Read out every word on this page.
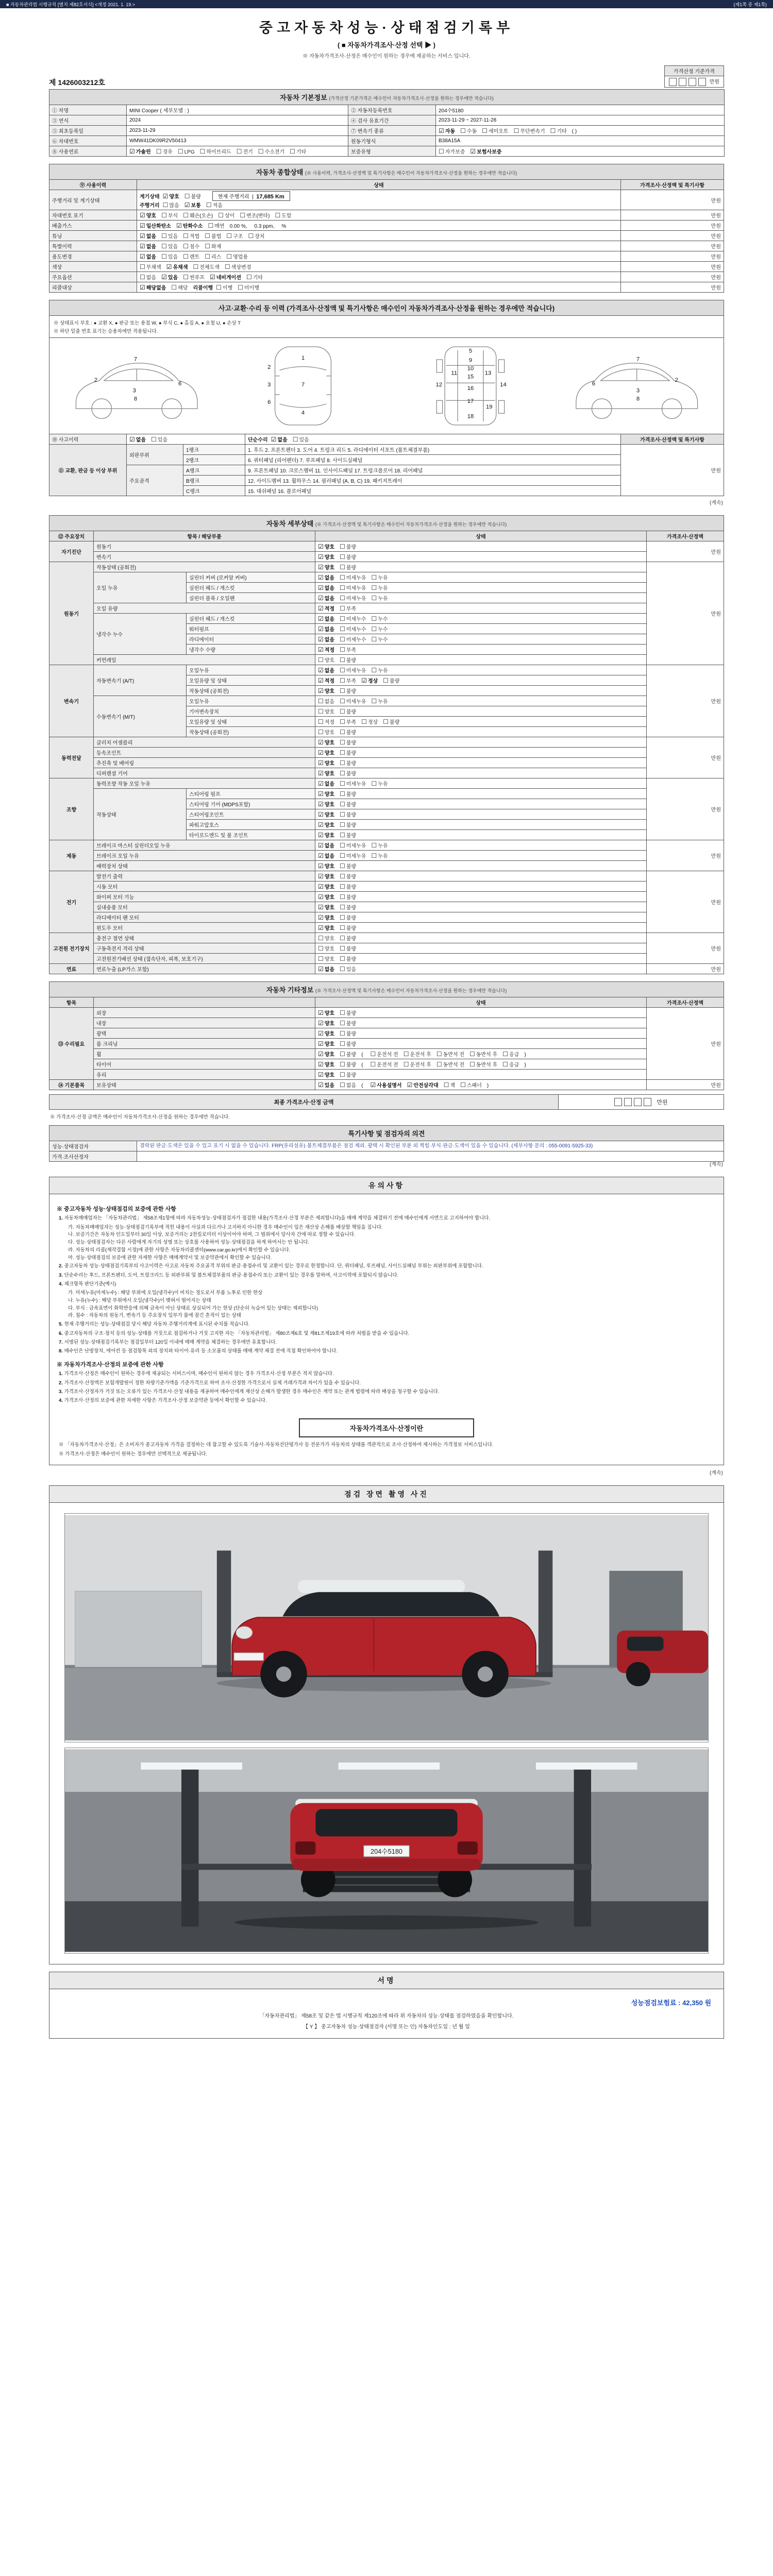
■ 자동차관리법 시행규칙 [별지 제82호서식] <개정 2021. 1. 19.>	(제1쪽 중 제1쪽)
중고자동차성능·상태점검기록부
( ■ 자동차가격조사·산정 선택 ▶ )
※ 자동차가격조사·산정은 매수인이 원하는 경우에 제공하는 서비스 입니다.
제 1426003212호
가격산정 기준가격
만원
자동차 기본정보 (가격산정 기준가격은 매수인이 자동차가격조사·산정을 원하는 경우에만 적습니다)			
① 차명	MINI Cooper ( 세부모델 : )	② 자동차등록번호	204수5180
③ 연식	2024	④ 검사 유효기간	2023-11-29 ~ 2027-11-28
⑤ 최초등록일	2023-11-29	⑦ 변속기 종류	☑ 자동 ☐ 수동 ☐ 세미오토 ☐ 무단변속기 ☐ 기타 ( )
⑥ 차대번호	WMW41DK09R2V50413	원동기형식	B38A15A
⑧ 사용연료	☑ 가솔린 ☐ 경유 ☐ LPG ☐ 하이브리드 ☐ 전기 ☐ 수소전기 ☐ 기타	보증유형	☐ 자가보증 ☑ 보험사보증
자동차 종합상태 (※ 사용이력, 가격조사·산정액 및 특기사항은 매수인이 자동차가격조사·산정을 원하는 경우에만 적습니다)		
⑨ 사용이력	상태	가격조사·산정액 및 특기사항
주행거리 및 계기상태	계기상태 ☑ 양호 ☐ 불량 현재 주행거리  |  17,685 Km
주행거리 ☐ 많음 ☑ 보통 ☐ 적음	만원
차대번호 표기	☑ 양호 ☐ 부식 ☐ 훼손(오손) ☐ 상이 ☐ 변조(변타) ☐ 도말	만원
배출가스	☑ 일산화탄소 ☑ 탄화수소 ☐ 매연 0.00 %, 0.3 ppm, %	만원
튜닝	☑ 없음 ☐ 있음 ☐ 적법 ☐ 불법 ☐ 구조 ☐ 장치	만원
특별이력	☑ 없음 ☐ 있음 ☐ 침수 ☐ 화재	만원
용도변경	☑ 없음 ☐ 있음 ☐ 렌트 ☐ 리스 ☐ 영업용	만원
색상	☐ 무채색 ☑ 유채색 ☐ 전체도색 ☐ 색상변경	만원
주요옵션	☐ 없음 ☑ 있음 ☐ 썬루프 ☑ 네비게이션 ☐ 기타	만원
리콜대상	☑ 해당없음 ☐ 해당 리콜이행 ☐ 이행 ☐ 미이행	만원
사고·교환·수리 등 이력 (가격조사·산정액 및 특기사항은 매수인이 자동차가격조사·산정을 원하는 경우에만 적습니다)
※ 상태표시 부호 : ● 교환 X, ● 판금 또는 용접 W, ● 부식 C, ● 흠집 A, ● 요철 U, ● 손상 T
※ 하단 밑줄 번호 표기는 승용차에만 적용됩니다.
2
3
6
7
8
1
2
3
4
6
7
5
9
10
11
12
13
14
15
16
17
18
19
2
3
6
7
8
⑩ 사고이력	☑ 없음 ☐ 있음		단순수리 ☑ 없음 ☐ 있음	가격조사·산정액 및 특기사항
⑪ 교환, 판금 등 이상 부위	외판부위	1랭크	1. 후드 2. 프론트펜더 3. 도어 4. 트렁크 리드 5. 라디에이터 서포트 (볼트체결부품)	만원
		2랭크	6. 쿼터패널 (리어펜더) 7. 루프패널 8. 사이드실패널	
	주요골격	A랭크	9. 프론트패널 10. 크로스멤버 11. 인사이드패널 17. 트렁크플로어 18. 리어패널	
		B랭크	12. 사이드멤버 13. 휠하우스 14. 필러패널 (A, B, C) 19. 패키지트레이	
		C랭크	15. 대쉬패널 16. 플로어패널	
(계속)
자동차 세부상태 (※ 가격조사·산정액 및 특기사항은 매수인이 자동차가격조사·산정을 원하는 경우에만 적습니다)				
⑫ 주요장치	항목 / 해당부품		상태	가격조사·산정액
자기진단	원동기		☑ 양호 ☐ 불량	만원
	변속기		☑ 양호 ☐ 불량	
원동기	작동상태 (공회전)		☑ 양호 ☐ 불량	만원
	오일 누유	실린더 커버 (로커암 커버)	☑ 없음 ☐ 미세누유 ☐ 누유	
		실린더 헤드 / 개스킷	☑ 없음 ☐ 미세누유 ☐ 누유	
		실린더 블록 / 오일팬	☑ 없음 ☐ 미세누유 ☐ 누유	
	오일 유량		☑ 적정 ☐ 부족	
	냉각수 누수	실린더 헤드 / 개스킷	☑ 없음 ☐ 미세누수 ☐ 누수	
		워터펌프	☑ 없음 ☐ 미세누수 ☐ 누수	
		라디에이터	☑ 없음 ☐ 미세누수 ☐ 누수	
		냉각수 수량	☑ 적정 ☐ 부족	
	커먼레일		☐ 양호 ☐ 불량	
변속기	자동변속기 (A/T)	오일누유	☑ 없음 ☐ 미세누유 ☐ 누유	만원
		오일유량 및 상태	☑ 적정 ☐ 부족 ☑ 정상 ☐ 불량	
		작동상태 (공회전)	☑ 양호 ☐ 불량	
	수동변속기 (M/T)	오일누유	☐ 없음 ☐ 미세누유 ☐ 누유	
		기어변속장치	☐ 양호 ☐ 불량	
		오일유량 및 상태	☐ 적정 ☐ 부족 ☐ 정상 ☐ 불량	
		작동상태 (공회전)	☐ 양호 ☐ 불량	
동력전달	클러치 어셈블리		☑ 양호 ☐ 불량	만원
	등속조인트		☑ 양호 ☐ 불량	
	추진축 및 베어링		☑ 양호 ☐ 불량	
	디퍼렌셜 기어		☑ 양호 ☐ 불량	
조향	동력조향 작동 오일 누유		☑ 없음 ☐ 미세누유 ☐ 누유	만원
	작동상태	스티어링 펌프	☑ 양호 ☐ 불량	
		스티어링 기어 (MDPS포함)	☑ 양호 ☐ 불량	
		스티어링조인트	☑ 양호 ☐ 불량	
		파워고압호스	☑ 양호 ☐ 불량	
		타이로드엔드 및 볼 조인트	☑ 양호 ☐ 불량	
제동	브레이크 마스터 실린더오일 누유		☑ 없음 ☐ 미세누유 ☐ 누유	만원
	브레이크 오일 누유		☑ 없음 ☐ 미세누유 ☐ 누유	
	배력장치 상태		☑ 양호 ☐ 불량	
전기	발전기 출력		☑ 양호 ☐ 불량	만원
	시동 모터		☑ 양호 ☐ 불량	
	와이퍼 모터 기능		☑ 양호 ☐ 불량	
	실내송풍 모터		☑ 양호 ☐ 불량	
	라디에이터 팬 모터		☑ 양호 ☐ 불량	
	윈도우 모터		☑ 양호 ☐ 불량	
고전원 전기장치	충전구 절연 상태		☐ 양호 ☐ 불량	만원
	구동축전지 격리 상태		☐ 양호 ☐ 불량	
	고전원전기배선 상태 (접속단자, 피복, 보호기구)		☐ 양호 ☐ 불량	
연료	연료누출 (LP가스 포함)		☑ 없음 ☐ 있음	만원
자동차 기타정보 (※ 가격조사·산정액 및 특기사항은 매수인이 자동차가격조사·산정을 원하는 경우에만 적습니다)			
항목		상태	가격조사·산정액
⑬ 수리필요	외장	☑ 양호 ☐ 불량	만원
	내장	☑ 양호 ☐ 불량	
	광택	☑ 양호 ☐ 불량	
	룸 크리닝	☑ 양호 ☐ 불량	
	휠	☑ 양호 ☐ 불량 ( ☐ 운전석 전 ☐ 운전석 후 ☐ 동반석 전 ☐ 동반석 후 ☐ 응급 )	
	타이어	☑ 양호 ☐ 불량 ( ☐ 운전석 전 ☐ 운전석 후 ☐ 동반석 전 ☐ 동반석 후 ☐ 응급 )	
	유리	☑ 양호 ☐ 불량	
⑭ 기본품목	보유상태	☑ 있음 ☐ 없음 ( ☑ 사용설명서 ☑ 안전삼각대 ☐ 잭 ☐ 스패너 )	만원
최종 가격조사·산정 금액	만원
※ 가격조사·산정 금액은 매수인이 자동차가격조사·산정을 원하는 경우에만 적습니다.
특기사항 및 점검자의 의견	
성능·상태점검자	결락된 판금·도색은 있을 수 있고 표기 시 없을 수 있습니다. FRP(유리섬유)·볼트체결부품은 점검 제외. 광택 시 확인된 부분 외 찍힘·부식·판금·도색이 있을 수 있습니다. (세부사항 문의 : 055-0091-5925-33)
가격·조사산정자	
(계속)
유의사항
※ 중고자동차 성능·상태점검의 보증에 관한 사항
1. 자동차매매업자는 「자동차관리법」 제58조제1항에 따라 자동차성능·상태점검자가 점검한 내용(가격조사·산정 부분은 제외합니다)을 매매 계약을 체결하기 전에 매수인에게 서면으로 고지하여야 합니다.
가. 자동차매매업자는 성능·상태점검기록부에 적힌 내용이 사실과 다르거나 고지하지 아니한 경우 매수인이 입은 재산상 손해를 배상할 책임을 집니다.
나. 보증기간은 자동차 인도일부터 30일 이상, 보증거리는 2천킬로미터 이상이어야 하며, 그 범위에서 당사자 간에 따로 정할 수 있습니다.
다. 성능·상태점검자는 다른 사람에게 자기의 성명 또는 상호를 사용하여 성능·상태점검을 하게 하여서는 안 됩니다.
라. 자동차의 리콜(제작결함 시정)에 관한 사항은 자동차리콜센터(www.car.go.kr)에서 확인할 수 있습니다.
마. 성능·상태점검의 보증에 관한 자세한 사항은 매매계약서 및 보증약관에서 확인할 수 있습니다.
2. 중고자동차 성능·상태점검기록부의 사고이력은 사고로 자동차 주요골격 부위의 판금·용접수리 및 교환이 있는 경우로 한정합니다. 단, 쿼터패널, 루프패널, 사이드실패널 부위는 외판부위에 포함합니다.
3. 단순수리는 후드, 프론트펜더, 도어, 트렁크리드 등 외판부위 및 볼트체결부품의 판금·용접수리 또는 교환이 있는 경우를 말하며, 사고이력에 포함되지 않습니다.
4. 체크항목 판단기준(예시)
가. 미세누유(미세누수) : 해당 부위에 오일(냉각수)이 비치는 정도로서 부품 노후로 인한 현상
나. 누유(누수) : 해당 부위에서 오일(냉각수)이 맺혀서 떨어지는 상태
다. 부식 : 금속표면이 화학반응에 의해 금속이 아닌 상태로 상실되어 가는 현상 (단순히 녹슬어 있는 상태는 제외합니다)
라. 침수 : 자동차의 원동기, 변속기 등 주요장치 일부가 물에 잠긴 흔적이 있는 상태
5. 현재 주행거리는 성능·상태점검 당시 해당 자동차 주행거리계에 표시된 수치를 적습니다.
6. 중고자동차의 구조·장치 등의 성능·상태를 거짓으로 점검하거나 거짓 고지한 자는 「자동차관리법」 제80조제6호 및 제81조제19호에 따라 처벌을 받을 수 있습니다.
7. 서명된 성능·상태점검기록부는 점검일부터 120일 이내에 매매 계약을 체결하는 경우에만 유효합니다.
8. 매수인은 난방장치, 에어컨 등 점검항목 외의 장치와 타이어·유리 등 소모품의 상태를 매매 계약 체결 전에 직접 확인하여야 합니다.
※ 자동차가격조사·산정의 보증에 관한 사항
1. 가격조사·산정은 매수인이 원하는 경우에 제공되는 서비스이며, 매수인이 원하지 않는 경우 가격조사·산정 부분은 적지 않습니다.
2. 가격조사·산정액은 보험개발원이 정한 차량기준가액을 기준가격으로 하여 조사·산정한 가격으로서 실제 거래가격과 차이가 있을 수 있습니다.
3. 가격조사·산정자가 거짓 또는 오류가 있는 가격조사·산정 내용을 제공하여 매수인에게 재산상 손해가 발생한 경우 매수인은 계약 또는 관계 법령에 따라 배상을 청구할 수 있습니다.
4. 가격조사·산정의 보증에 관한 자세한 사항은 가격조사·산정 보증약관 등에서 확인할 수 있습니다.
자동차가격조사·산정이란
※ 「자동차가격조사·산정」은 소비자가 중고자동차 가격을 결정하는 데 참고할 수 있도록 기술사·자동차진단평가사 등 전문가가 자동차의 상태를 객관적으로 조사·산정하여 제시하는 가격정보 서비스입니다.
※ 가격조사·산정은 매수인이 원하는 경우에만 선택적으로 제공됩니다.
(계속)
점검 장면 촬영 사진
204수5180
서명
성능점검보험료 : 42,350 원
「자동차관리법」 제58조 및 같은 법 시행규칙 제120조에 따라 위 자동차의 성능·상태를 점검하였음을 확인합니다.
【 Y 】 중고자동차 성능·상태점검자 (서명 또는 인) 자동차인도일 : 년 월 일
